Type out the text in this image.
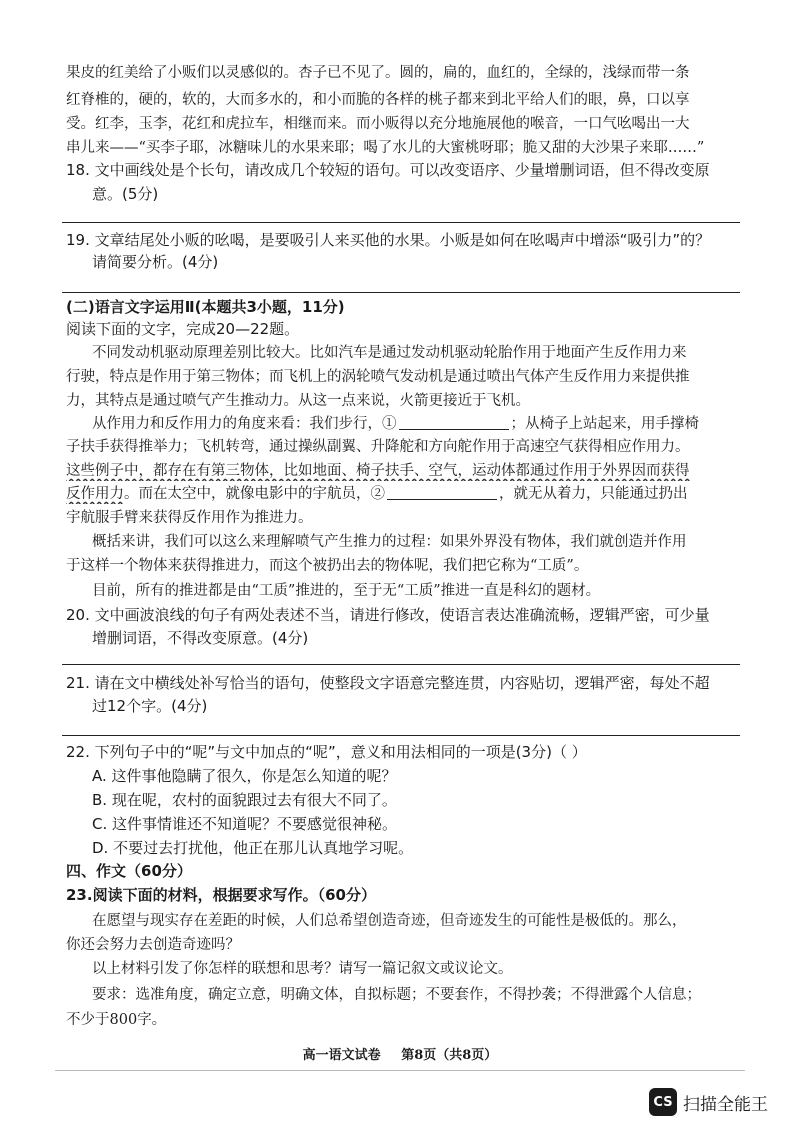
果皮的红美给了小贩们以灵感似的。杏子已不见了。圆的，扁的，血红的，全绿的，浅绿而带一条
红脊椎的，硬的，软的，大而多水的，和小而脆的各样的桃子都来到北平给人们的眼，鼻，口以享
受。红李，玉李，花红和虎拉车，相继而来。而小贩得以充分地施展他的喉音，一口气吆喝出一大
串儿来——“买李子耶，冰糖味儿的水果来耶；喝了水儿的大蜜桃呀耶；脆又甜的大沙果子来耶……”
18. 文中画线处是个长句，请改成几个较短的语句。可以改变语序、少量增删词语，但不得改变原
意。(5分)
19. 文章结尾处小贩的吆喝，是要吸引人来买他的水果。小贩是如何在吆喝声中增添“吸引力”的？
请简要分析。(4分)
(二)语言文字运用Ⅱ(本题共3小题，11分)
阅读下面的文字，完成20—22题。
不同发动机驱动原理差别比较大。比如汽车是通过发动机驱动轮胎作用于地面产生反作用力来
行驶，特点是作用于第三物体；而飞机上的涡轮喷气发动机是通过喷出气体产生反作用力来提供推
力，其特点是通过喷气产生推动力。从这一点来说，火箭更接近于飞机。
从作用力和反作用力的角度来看：我们步行，①	；从椅子上站起来，用手撑椅
子扶手获得推举力；飞机转弯，通过操纵副翼、升降舵和方向舵作用于高速空气获得相应作用力。
这些例子中，都存在有第三物体，比如地面、椅子扶手、空气，运动体都通过作用于外界因而获得
反作用力。而在太空中，就像电影中的宇航员，②	，就无从着力，只能通过扔出
宇航服手臂来获得反作用作为推进力。
概括来讲，我们可以这么来理解喷气产生推力的过程：如果外界没有物体，我们就创造并作用
于这样一个物体来获得推进力，而这个被扔出去的物体呢，我们把它称为“工质”。
目前，所有的推进都是由“工质”推进的，至于无“工质”推进一直是科幻的题材。
20. 文中画波浪线的句子有两处表述不当，请进行修改，使语言表达准确流畅，逻辑严密，可少量
增删词语，不得改变原意。(4分)
21. 请在文中横线处补写恰当的语句，使整段文字语意完整连贯，内容贴切，逻辑严密，每处不超
过12个字。(4分)
22. 下列句子中的“呢”与文中加点的“呢”，意义和用法相同的一项是(3分)（ ）
A. 这件事他隐瞒了很久，你是怎么知道的呢？
B. 现在呢，农村的面貌跟过去有很大不同了。
C. 这件事情谁还不知道呢？不要感觉很神秘。
D. 不要过去打扰他，他正在那儿认真地学习呢。
四、作文（60分）
23.阅读下面的材料，根据要求写作。（60分）
在愿望与现实存在差距的时候，人们总希望创造奇迹，但奇迹发生的可能性是极低的。那么，
你还会努力去创造奇迹吗？
以上材料引发了你怎样的联想和思考？请写一篇记叙文或议论文。
要求：选准角度，确定立意，明确文体，自拟标题；不要套作，不得抄袭；不得泄露个人信息；
不少于800字。
高一语文试卷 第8页（共8页）
CS 扫描全能王
